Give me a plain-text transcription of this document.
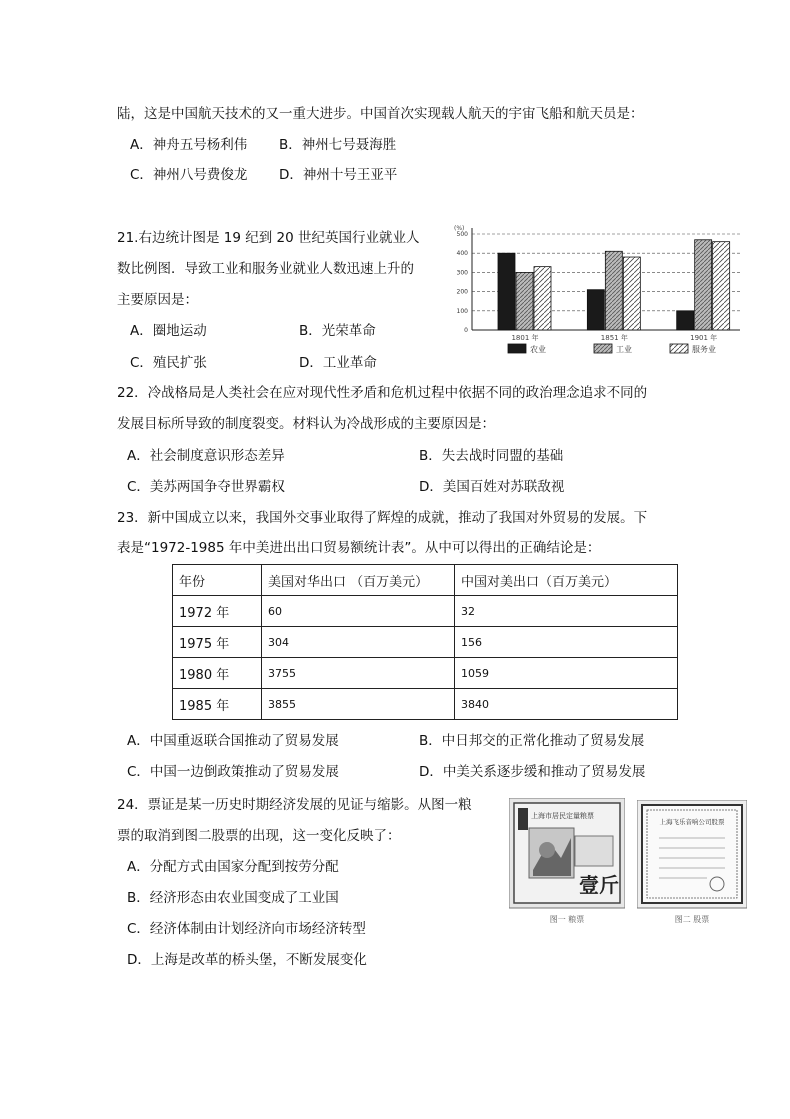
陆，这是中国航天技术的又一重大进步。中国首次实现载人航天的宇宙飞船和航天员是：
A．神舟五号杨利伟 B．神州七号聂海胜
C．神州八号费俊龙 D．神州十号王亚平
21.右边统计图是 19 纪到 20 世纪英国行业就业人
数比例图．导致工业和服务业就业人数迅速上升的
主要原因是：
A．圈地运动	B．光荣革命
C．殖民扩张	D．工业革命
(%)
0
100
200
300
400
500
1801 年	1851 年	1901 年
农业	工业	服务业
22．冷战格局是人类社会在应对现代性矛盾和危机过程中依据不同的政治理念追求不同的
发展目标所导致的制度裂变。材料认为冷战形成的主要原因是：
A．社会制度意识形态差异	B．失去战时同盟的基础
C．美苏两国争夺世界霸权	D．美国百姓对苏联敌视
23．新中国成立以来，我国外交事业取得了辉煌的成就，推动了我国对外贸易的发展。下
表是“1972-1985 年中美进出出口贸易额统计表”。从中可以得出的正确结论是：
年份	美国对华出口 （百万美元）	中国对美出口（百万美元）
1972 年	60	32
1975 年	304	156
1980 年	3755	1059
1985 年	3855	3840
A．中国重返联合国推动了贸易发展	B．中日邦交的正常化推动了贸易发展
C．中国一边倒政策推动了贸易发展	D．中美关系逐步缓和推动了贸易发展
24．票证是某一历史时期经济发展的见证与缩影。从图一粮
票的取消到图二股票的出现，这一变化反映了：
A．分配方式由国家分配到按劳分配
B．经济形态由农业国变成了工业国
C．经济体制由计划经济向市场经济转型
D．上海是改革的桥头堡，不断发展变化
上海市居民定量粮票
壹斤
图一 粮票
上海飞乐音响公司股票
图二 股票
